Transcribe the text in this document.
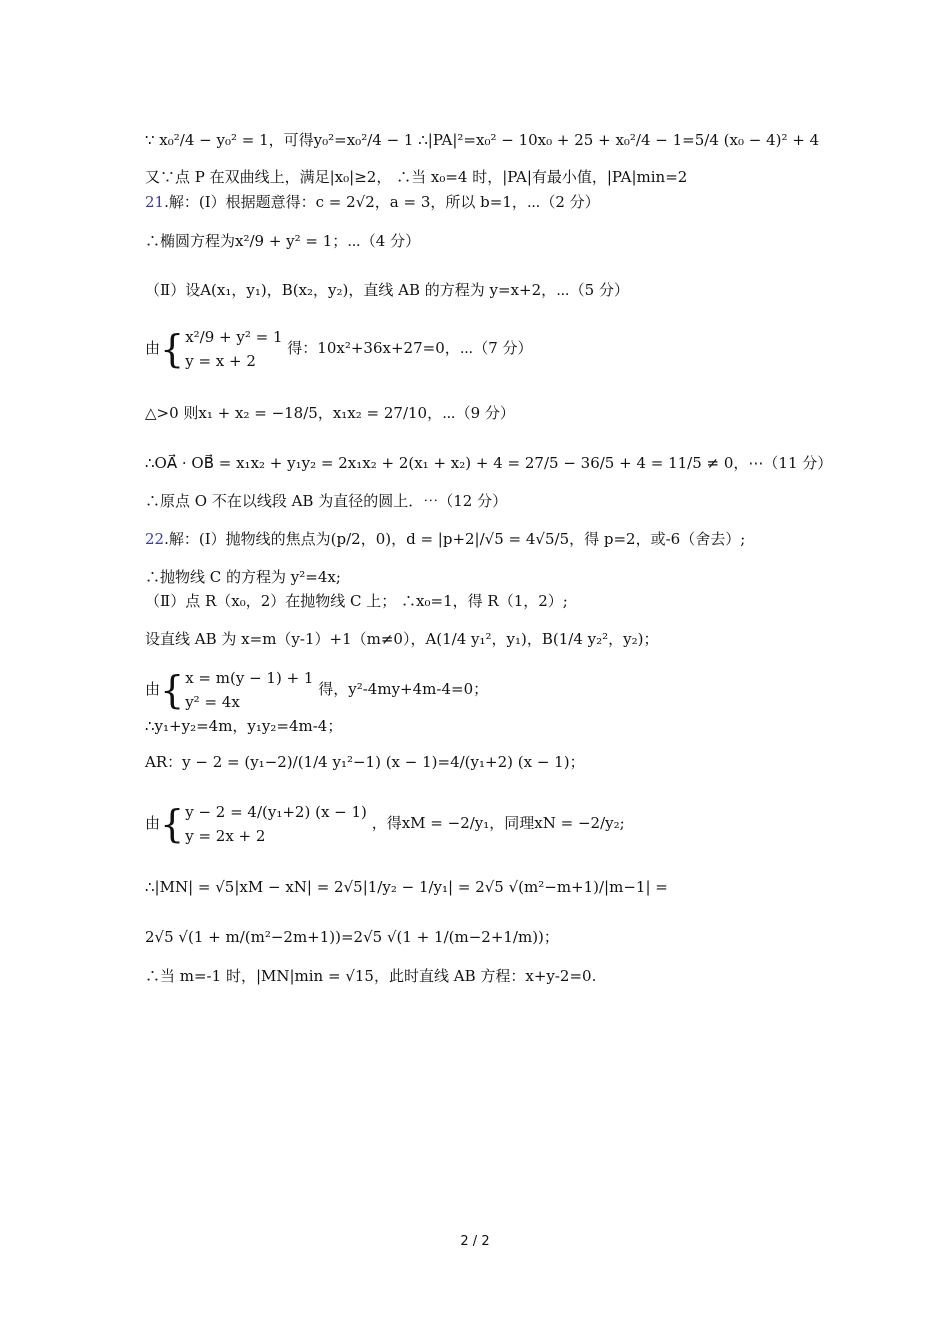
∵ x₀²/4 − y₀² = 1，可得y₀²=x₀²/4 − 1 ∴|PA|²=x₀² − 10x₀ + 25 + x₀²/4 − 1=5/4 (x₀ − 4)² + 4
又∵点 P 在双曲线上，满足|x₀|≥2， ∴当 x₀=4 时，|PA|有最小值，|PA|min=2
21.解：(Ⅰ）根据题意得：c = 2√2，a = 3，所以 b=1，⋯（2 分）
∴椭圆方程为x²/9 + y² = 1；⋯（4 分）
（Ⅱ）设A(x₁，y₁)，B(x₂，y₂)，直线 AB 的方程为 y=x+2，⋯（5 分）
由{ x²/9 + y² = 1
y = x + 2
得：10x²+36x+27=0，⋯（7 分）
△>0 则x₁ + x₂ = −18/5，x₁x₂ = 27/10，⋯（9 分）
∴OA⃗ · OB⃗ = x₁x₂ + y₁y₂ = 2x₁x₂ + 2(x₁ + x₂) + 4 = 27/5 − 36/5 + 4 = 11/5 ≠ 0，⋯（11 分）
∴原点 O 不在以线段 AB 为直径的圆上．⋯（12 分）
22.解：(Ⅰ）抛物线的焦点为(p/2，0)，d = |p+2|/√5 = 4√5/5，得 p=2，或-6（舍去）;
∴抛物线 C 的方程为 y²=4x;
（Ⅱ）点 R（x₀，2）在抛物线 C 上； ∴x₀=1，得 R（1，2）;
设直线 AB 为 x=m（y-1）+1（m≠0），A(1/4 y₁²，y₁)，B(1/4 y₂²，y₂)；
由{ x = m(y − 1) + 1
y² = 4x
得，y²-4my+4m-4=0；
∴y₁+y₂=4m，y₁y₂=4m-4；
AR：y − 2 = (y₁−2)/(1/4 y₁²−1) (x − 1)=4/(y₁+2) (x − 1)；
由{ y − 2 = 4/(y₁+2) (x − 1)
y = 2x + 2
，得xM = −2/y₁，同理xN = −2/y₂;
∴|MN| = √5|xM − xN| = 2√5|1/y₂ − 1/y₁| = 2√5 √(m²−m+1)/|m−1| =
2√5 √(1 + m/(m²−2m+1))=2√5 √(1 + 1/(m−2+1/m))；
∴当 m=-1 时，|MN|min = √15，此时直线 AB 方程：x+y-2=0.
2 / 2
